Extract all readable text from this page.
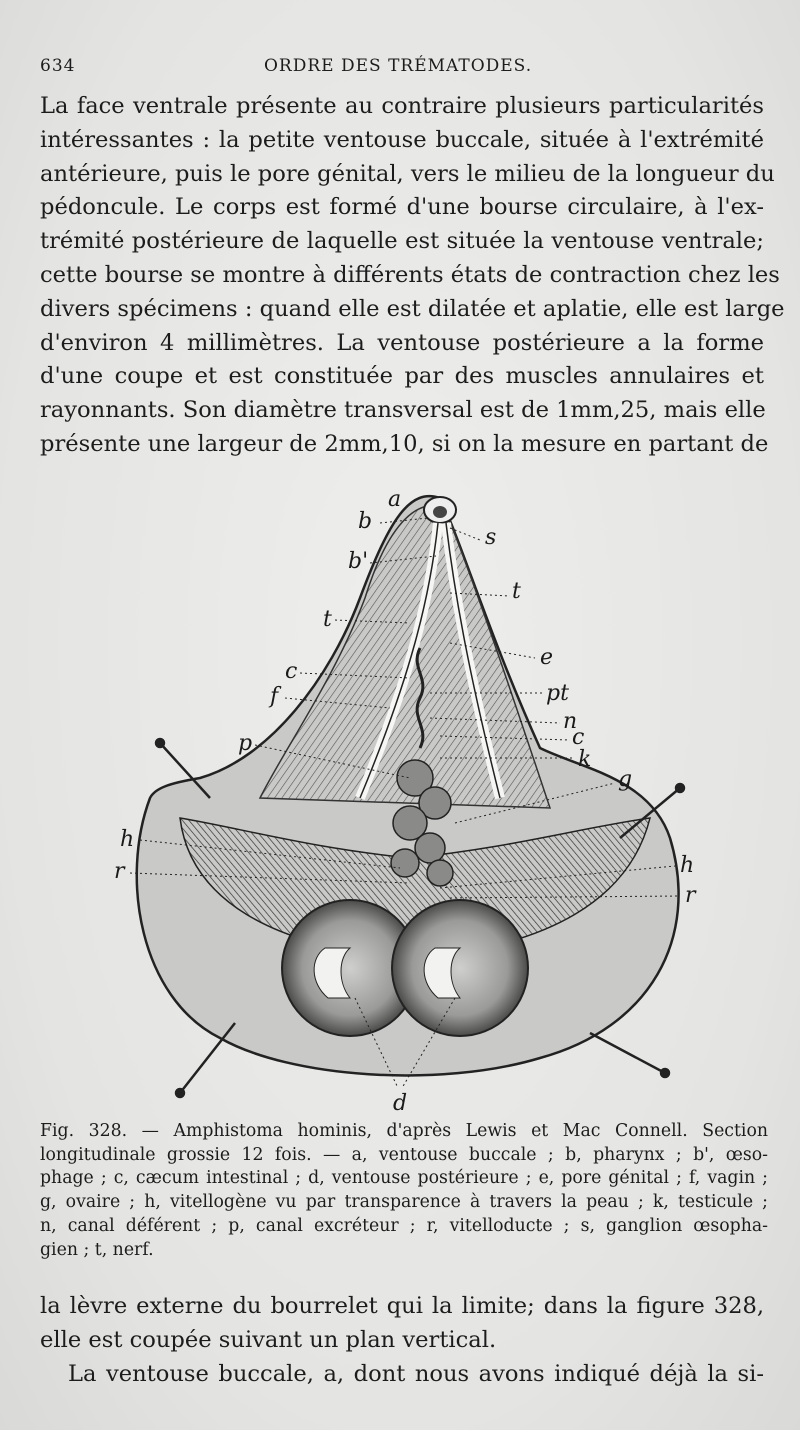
634	ORDRE DES TRÉMATODES.

La face ventrale présente au contraire plusieurs particularités
intéressantes : la petite ventouse buccale, située à l'extrémité
antérieure, puis le pore génital, vers le milieu de la longueur du
pédoncule. Le corps est formé d'une bourse circulaire, à l'ex-
trémité postérieure de laquelle est située la ventouse ventrale;
cette bourse se montre à différents états de contraction chez les
divers spécimens : quand elle est dilatée et aplatie, elle est large
d'environ 4 millimètres. La ventouse postérieure a la forme
d'une coupe et est constituée par des muscles annulaires et
rayonnants. Son diamètre transversal est de 1mm,25, mais elle
présente une largeur de 2mm,10, si on la mesure en partant de

a
b
s
b'
t
t
e
c
f	pt
n
p	c
k
g
h
r	h
r
d

Fig. 328. — Amphistoma hominis, d'après Lewis et Mac Connell. Section
longitudinale grossie 12 fois. — a, ventouse buccale ; b, pharynx ; b', œso-
phage ; c, cæcum intestinal ; d, ventouse postérieure ; e, pore génital ; f, vagin ;
g, ovaire ; h, vitellogène vu par transparence à travers la peau ; k, testicule ;
n, canal déférent ; p, canal excréteur ; r, vitelloducte ; s, ganglion œsopha-
gien ; t, nerf.

la lèvre externe du bourrelet qui la limite; dans la figure 328,
elle est coupée suivant un plan vertical.
La ventouse buccale, a, dont nous avons indiqué déjà la si-
